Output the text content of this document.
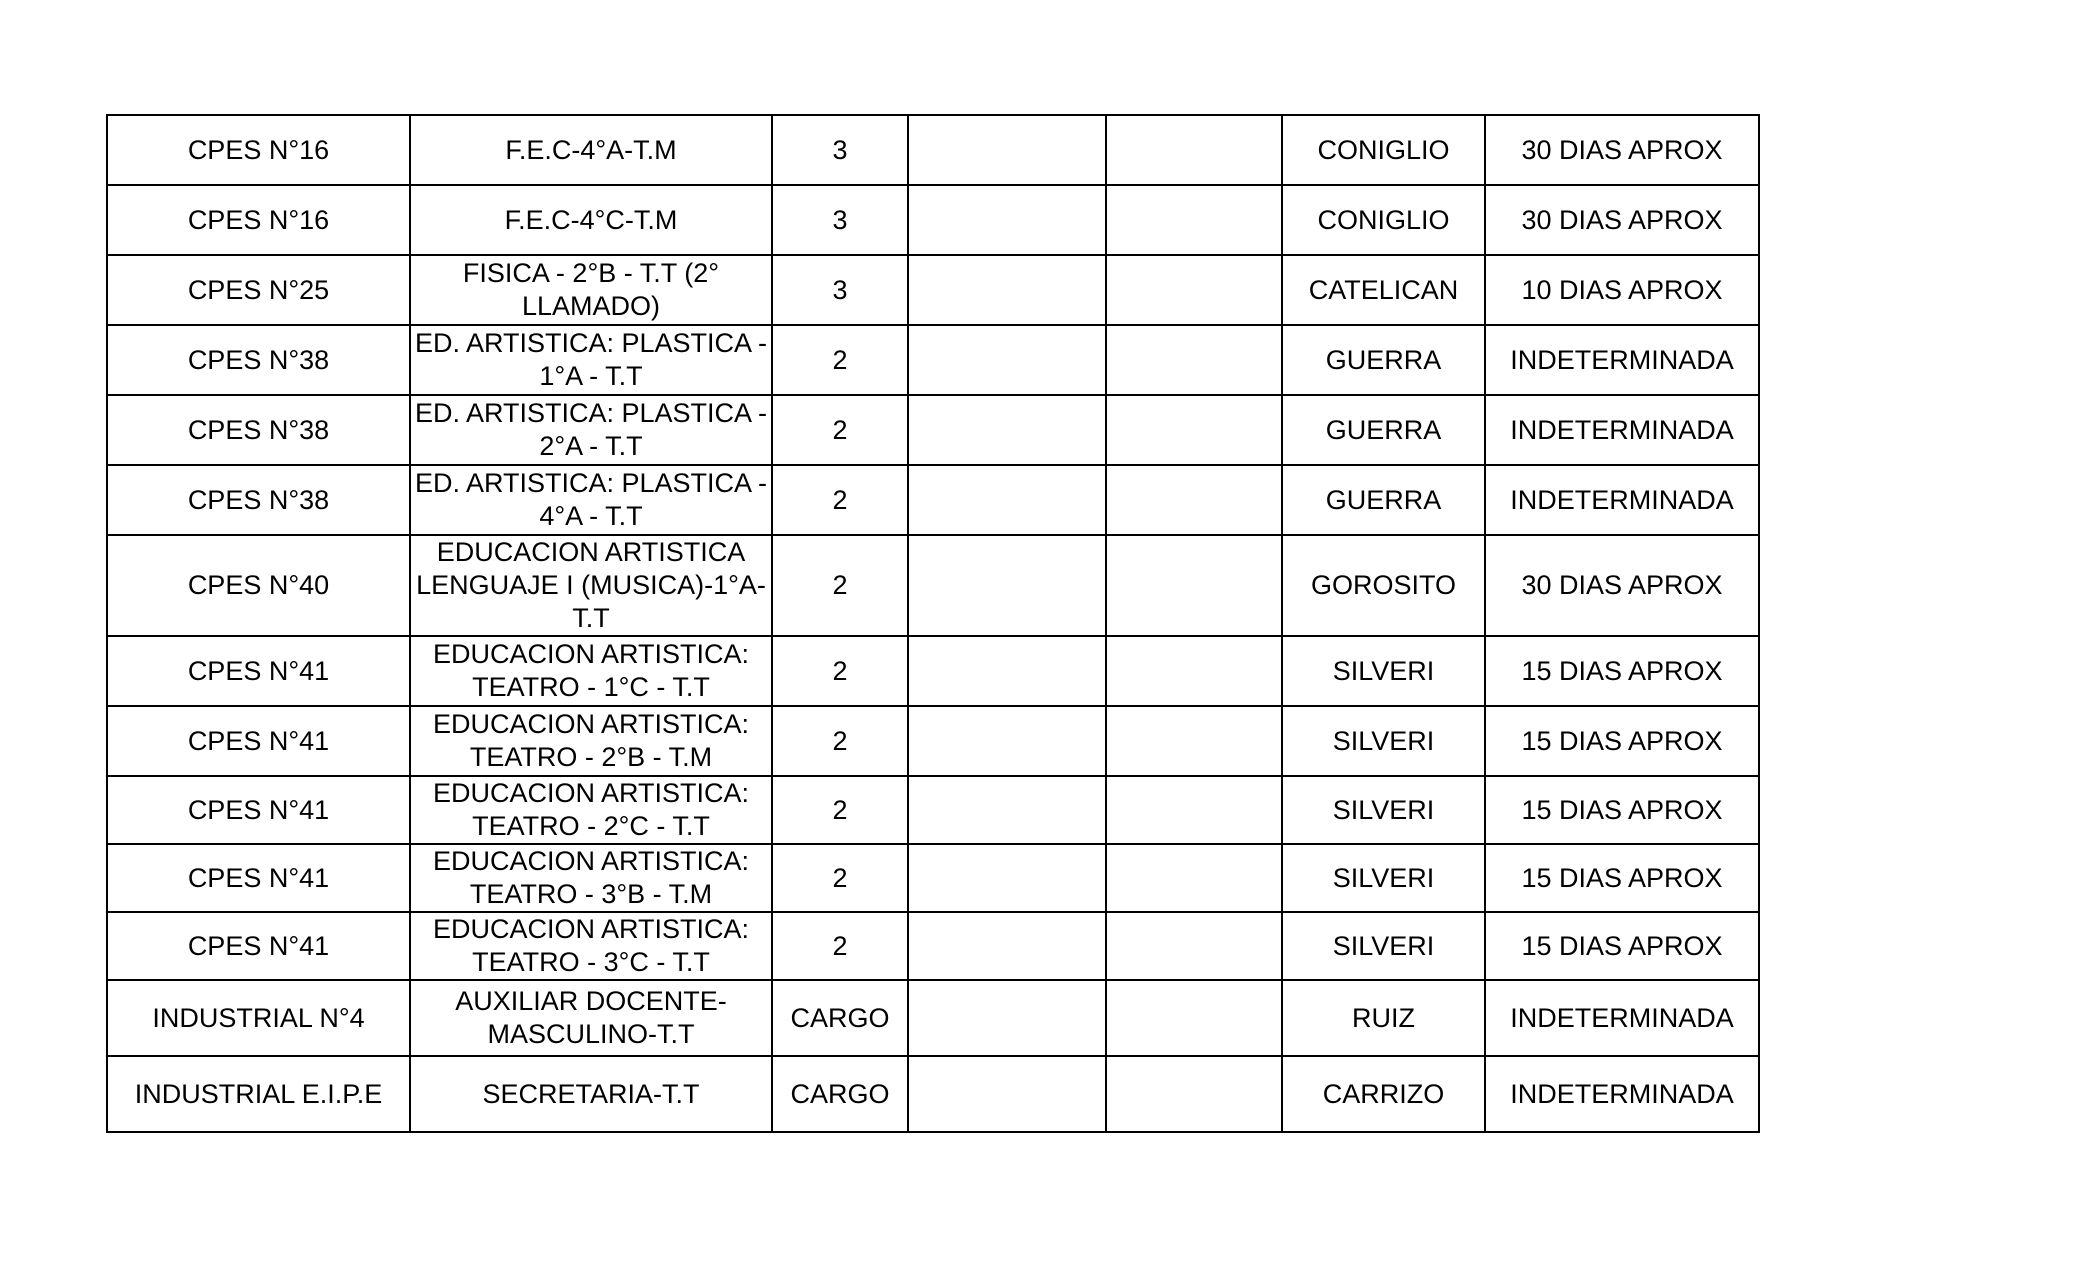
CPES N°16	F.E.C-4°A-T.M	3			CONIGLIO	30 DIAS APROX
CPES N°16	F.E.C-4°C-T.M	3			CONIGLIO	30 DIAS APROX
CPES N°25	FISICA - 2°B - T.T (2° LLAMADO)	3			CATELICAN	10 DIAS APROX
CPES N°38	ED. ARTISTICA: PLASTICA - 1°A - T.T	2			GUERRA	INDETERMINADA
CPES N°38	ED. ARTISTICA: PLASTICA - 2°A - T.T	2			GUERRA	INDETERMINADA
CPES N°38	ED. ARTISTICA: PLASTICA - 4°A - T.T	2			GUERRA	INDETERMINADA
CPES N°40	EDUCACION ARTISTICA LENGUAJE I (MUSICA)-1°A-T.T	2			GOROSITO	30 DIAS APROX
CPES N°41	EDUCACION ARTISTICA: TEATRO - 1°C - T.T	2			SILVERI	15 DIAS APROX
CPES N°41	EDUCACION ARTISTICA: TEATRO - 2°B - T.M	2			SILVERI	15 DIAS APROX
CPES N°41	EDUCACION ARTISTICA: TEATRO - 2°C - T.T	2			SILVERI	15 DIAS APROX
CPES N°41	EDUCACION ARTISTICA: TEATRO - 3°B - T.M	2			SILVERI	15 DIAS APROX
CPES N°41	EDUCACION ARTISTICA: TEATRO - 3°C - T.T	2			SILVERI	15 DIAS APROX
INDUSTRIAL N°4	AUXILIAR DOCENTE-MASCULINO-T.T	CARGO			RUIZ	INDETERMINADA
INDUSTRIAL E.I.P.E	SECRETARIA-T.T	CARGO			CARRIZO	INDETERMINADA
